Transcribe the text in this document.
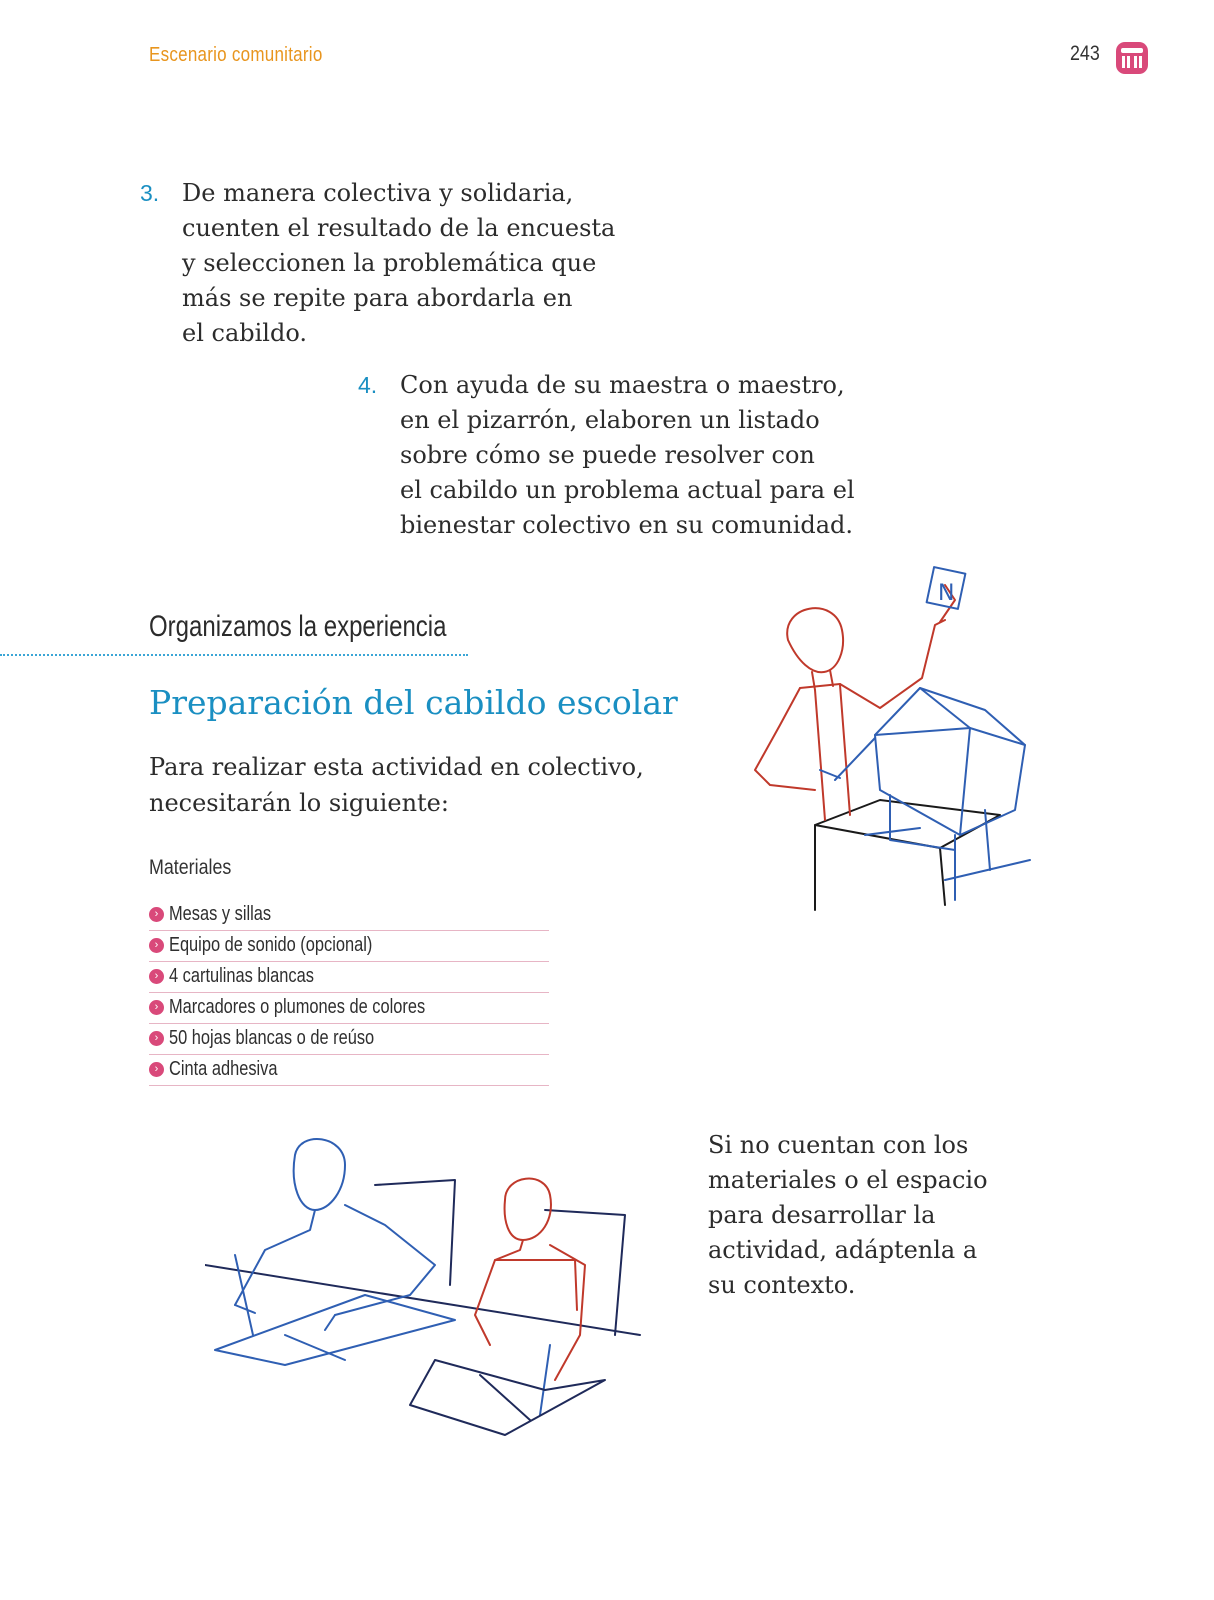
Escenario comunitario	243
3. De manera colectiva y solidaria,
cuenten el resultado de la encuesta
y seleccionen la problemática que
más se repite para abordarla en
el cabildo.
4. Con ayuda de su maestra o maestro,
en el pizarrón, elaboren un listado
sobre cómo se puede resolver con
el cabildo un problema actual para el
bienestar colectivo en su comunidad.
Organizamos la experiencia
Preparación del cabildo escolar
Para realizar esta actividad en colectivo,
necesitarán lo siguiente:
Materiales
› Mesas y sillas
› Equipo de sonido (opcional)
› 4 cartulinas blancas
› Marcadores o plumones de colores
› 50 hojas blancas o de reúso
› Cinta adhesiva
N
Si no cuentan con los
materiales o el espacio
para desarrollar la
actividad, adáptenla a
su contexto.
